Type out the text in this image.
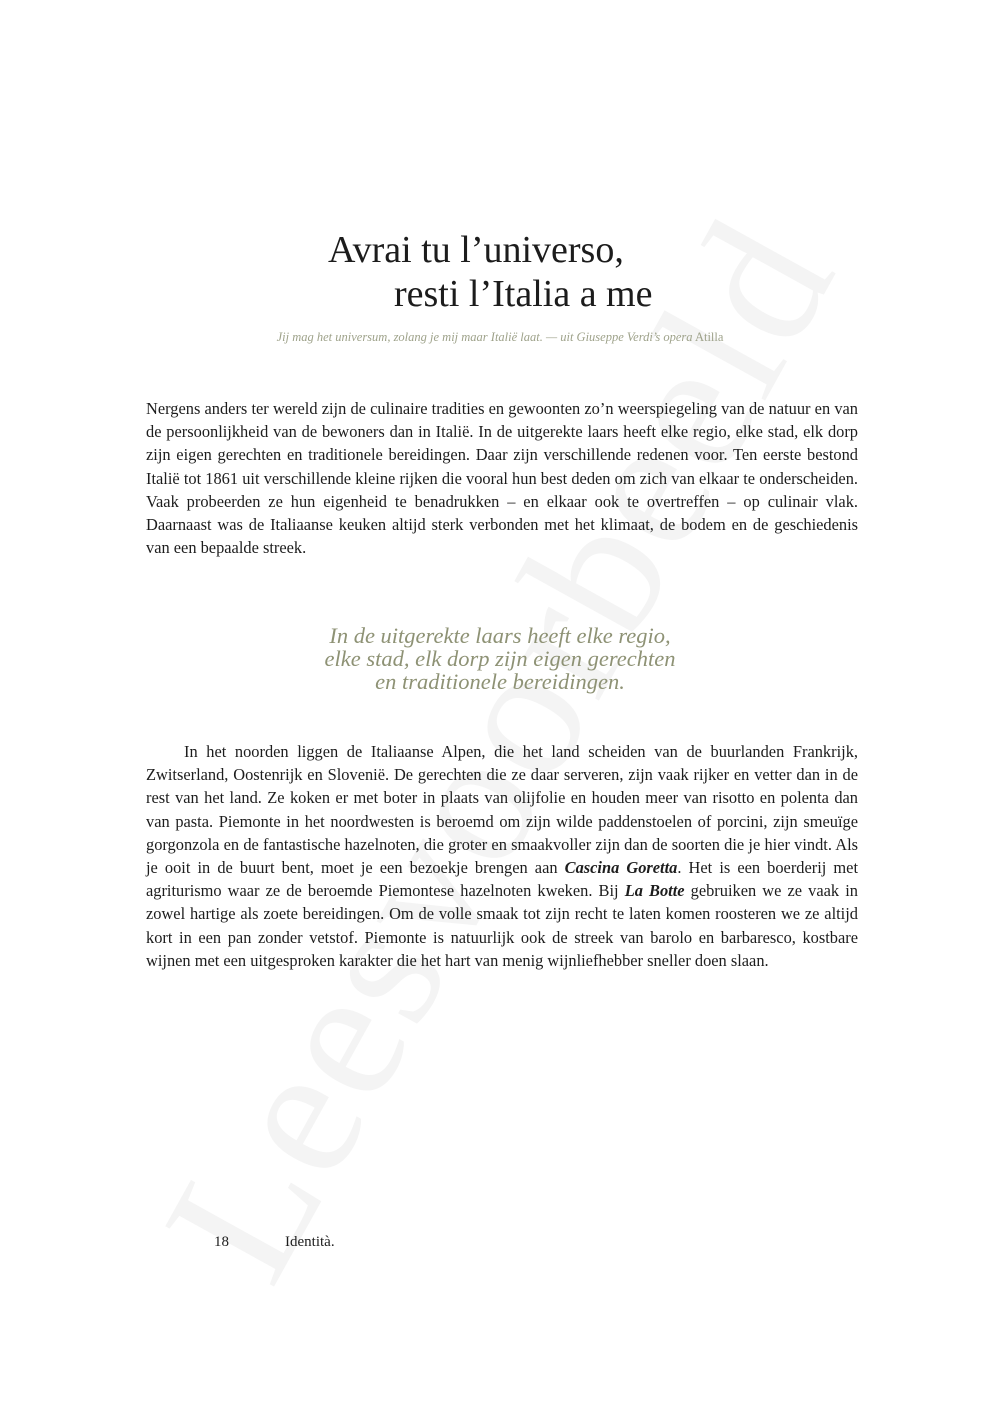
Avrai tu l’universo,
resti l’Italia a me
Jij mag het universum, zolang je mij maar Italië laat. — uit Giuseppe Verdi’s opera Atilla

Nergens anders ter wereld zijn de culinaire tradities en gewoonten zo’n weerspiegeling van de natuur en van de persoonlijkheid van de bewoners dan in Italië. In de uitgerekte laars heeft elke regio, elke stad, elk dorp zijn eigen gerechten en traditionele bereidingen. Daar zijn verschillende redenen voor. Ten eerste bestond Italië tot 1861 uit verschillende kleine rijken die vooral hun best deden om zich van elkaar te onderscheiden. Vaak probeerden ze hun eigenheid te benadrukken – en elkaar ook te overtreffen – op culinair vlak. Daarnaast was de Italiaanse keuken altijd sterk verbonden met het klimaat, de bodem en de geschiedenis van een bepaalde streek.

In de uitgerekte laars heeft elke regio,
elke stad, elk dorp zijn eigen gerechten
en traditionele bereidingen.

In het noorden liggen de Italiaanse Alpen, die het land scheiden van de buurlanden Frankrijk, Zwitserland, Oostenrijk en Slovenië. De gerechten die ze daar serveren, zijn vaak rijker en vetter dan in de rest van het land. Ze koken er met boter in plaats van olijfolie en houden meer van risotto en polenta dan van pasta. Piemonte in het noordwesten is beroemd om zijn wilde paddenstoelen of porcini, zijn smeuïge gorgonzola en de fantastische hazelnoten, die groter en smaakvoller zijn dan de soorten die je hier vindt. Als je ooit in de buurt bent, moet je een bezoekje brengen aan Cascina Goretta. Het is een boerderij met agriturismo waar ze de beroemde Piemontese hazelnoten kweken. Bij La Botte gebruiken we ze vaak in zowel hartige als zoete bereidingen. Om de volle smaak tot zijn recht te laten komen roosteren we ze altijd kort in een pan zonder vetstof. Piemonte is natuurlijk ook de streek van barolo en barbaresco, kostbare wijnen met een uitgesproken karakter die het hart van menig wijnliefhebber sneller doen slaan.

18	Identità.
